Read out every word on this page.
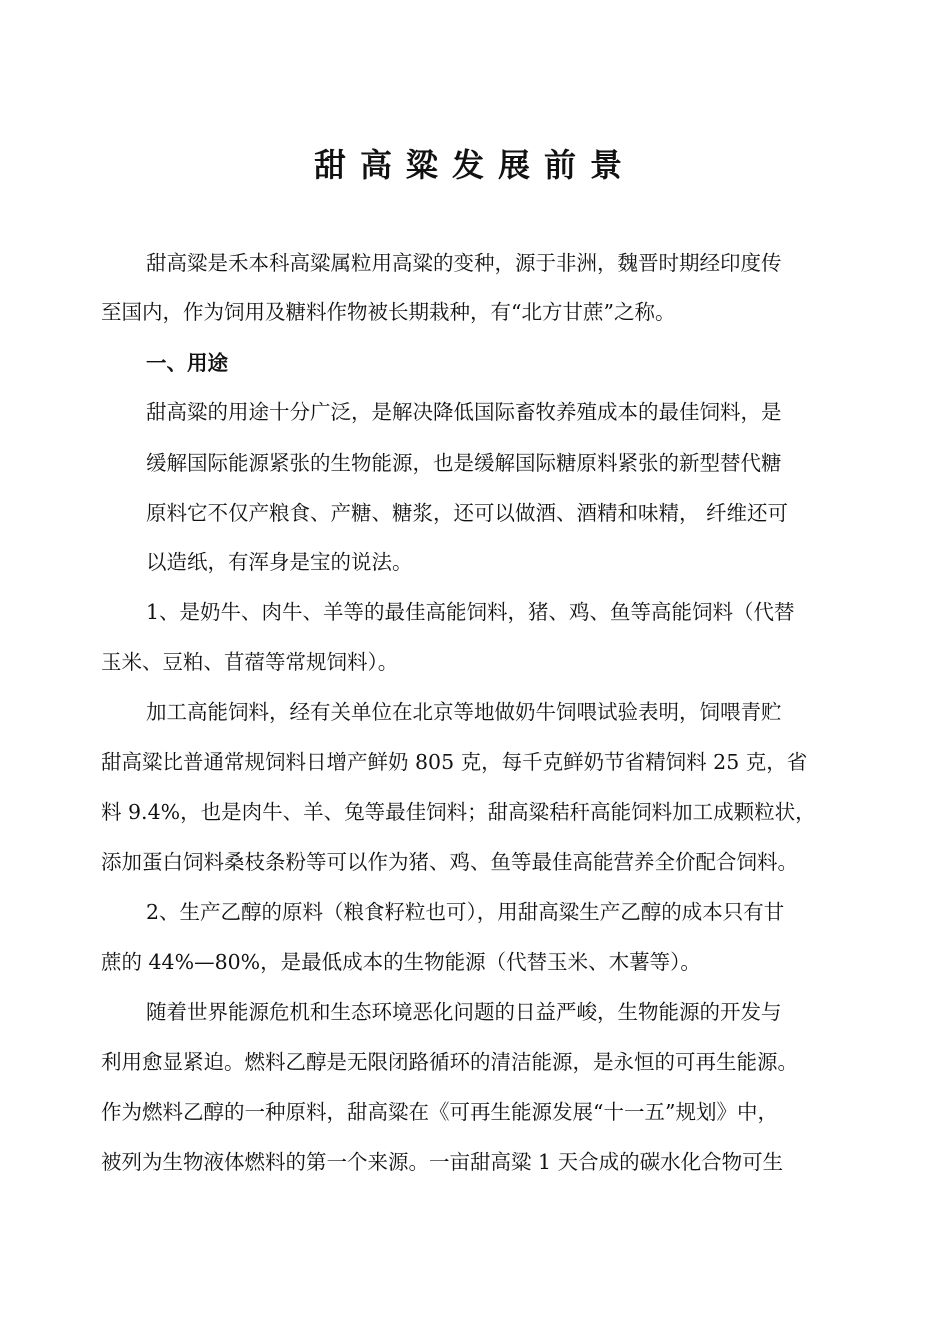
甜高粱发展前景
甜高粱是禾本科高粱属粒用高粱的变种，源于非洲，魏晋时期经印度传
至国内，作为饲用及糖料作物被长期栽种，有“北方甘蔗”之称。
一、用途
甜高粱的用途十分广泛，是解决降低国际畜牧养殖成本的最佳饲料，是
缓解国际能源紧张的生物能源，也是缓解国际糖原料紧张的新型替代糖
原料它不仅产粮食、产糖、糖浆，还可以做酒、酒精和味精， 纤维还可
以造纸，有浑身是宝的说法。
1、是奶牛、肉牛、羊等的最佳高能饲料，猪、鸡、鱼等高能饲料（代替
玉米、豆粕、苜蓿等常规饲料）。
加工高能饲料，经有关单位在北京等地做奶牛饲喂试验表明，饲喂青贮
甜高粱比普通常规饲料日增产鲜奶 805 克，每千克鲜奶节省精饲料 25 克，省
料 9.4%，也是肉牛、羊、兔等最佳饲料；甜高粱秸秆高能饲料加工成颗粒状，
添加蛋白饲料桑枝条粉等可以作为猪、鸡、鱼等最佳高能营养全价配合饲料。
2、生产乙醇的原料（粮食籽粒也可），用甜高粱生产乙醇的成本只有甘
蔗的 44%—80%，是最低成本的生物能源（代替玉米、木薯等）。
随着世界能源危机和生态环境恶化问题的日益严峻，生物能源的开发与
利用愈显紧迫。燃料乙醇是无限闭路循环的清洁能源，是永恒的可再生能源。
作为燃料乙醇的一种原料，甜高粱在《可再生能源发展“十一五”规划》中，
被列为生物液体燃料的第一个来源。一亩甜高粱 1 天合成的碳水化合物可生
